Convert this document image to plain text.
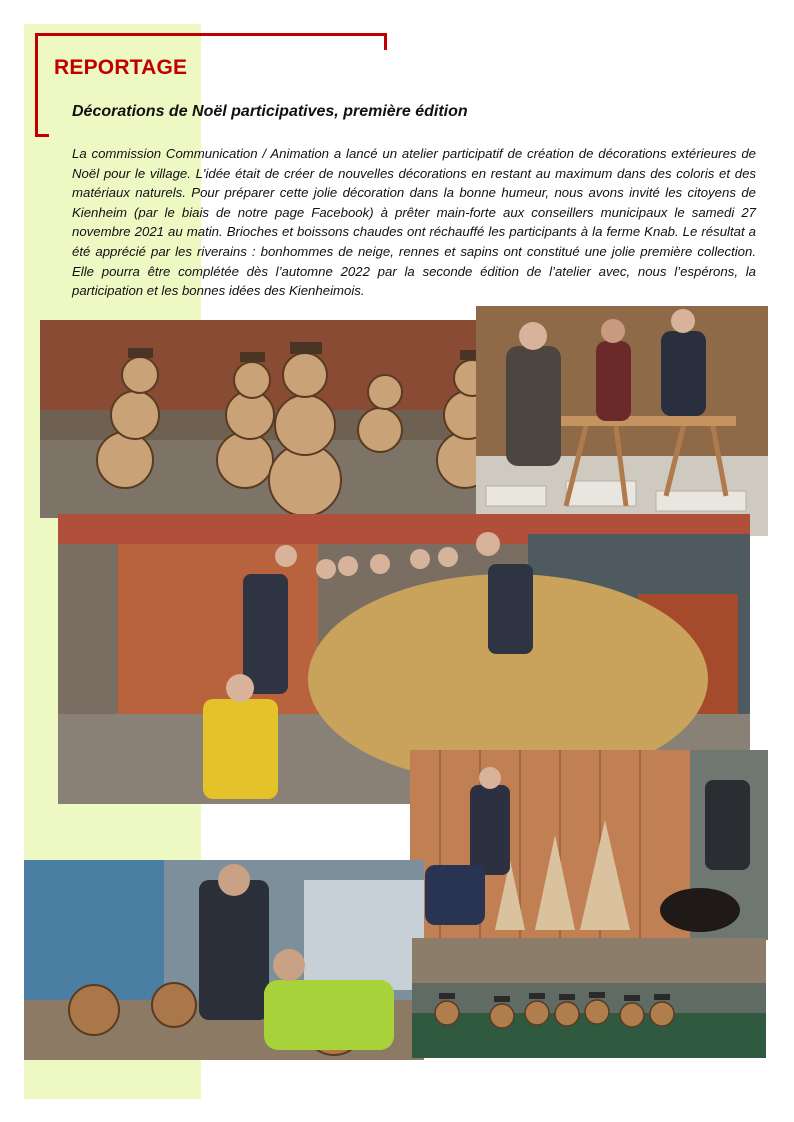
REPORTAGE
Décorations de Noël participatives, première édition

La commission Communication / Animation a lancé un atelier participatif de création de décorations extérieures de Noël pour le village. L'idée était de créer de nouvelles décorations en restant au maximum dans des coloris et des matériaux naturels. Pour préparer cette jolie décoration dans la bonne humeur, nous avons invité les citoyens de Kienheim (par le biais de notre page Facebook) à prêter main-forte aux conseillers municipaux le samedi 27 novembre 2021 au matin. Brioches et boissons chaudes ont réchauffé les participants à la ferme Knab. Le résultat a été apprécié par les riverains : bonhommes de neige, rennes et sapins ont constitué une jolie première collection. Elle pourra être complétée dès l’automne 2022 par la seconde édition de l’atelier avec, nous l’espérons, la participation et les bonnes idées des Kienheimois.
